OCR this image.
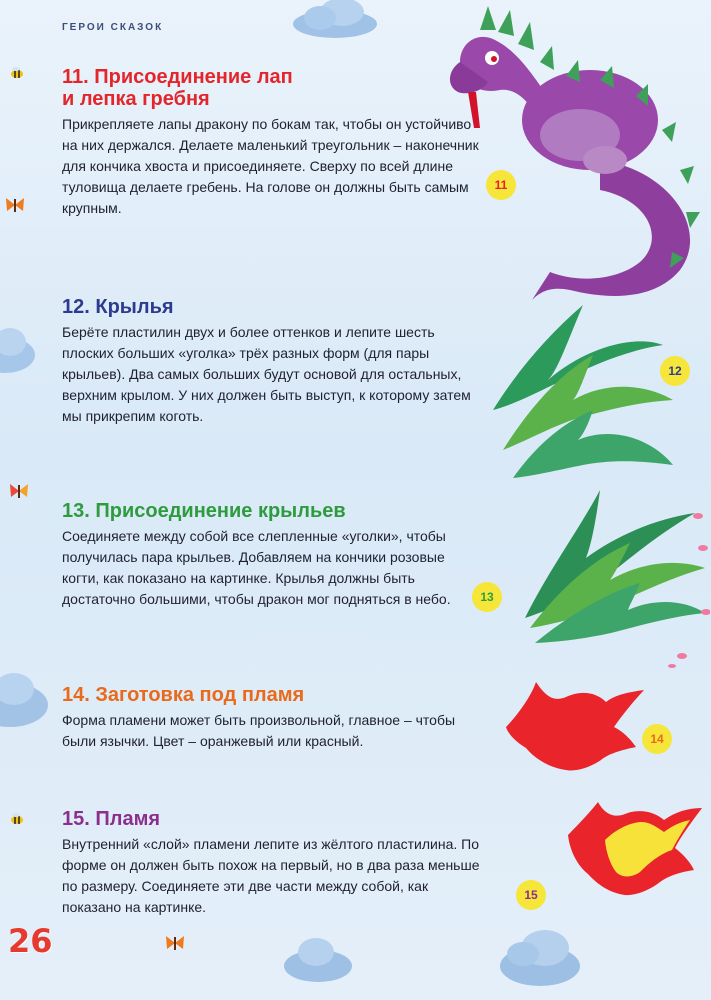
ГЕРОИ СКАЗОК
11. Присоединение лап
и лепка гребня

Прикрепляете лапы дракону по бокам так, чтобы он устойчиво на них держался. Делаете маленький треугольник – наконечник для кончика хвоста и присоединяете. Сверху по всей длине туловища делаете гребень. На голове он должны быть самым крупным.

12. Крылья

Берёте пластилин двух и более оттенков и лепите шесть плоских больших «уголка» трёх разных форм (для пары крыльев). Два самых больших будут основой для остальных, верхним крылом. У них должен быть выступ, к которому затем мы прикрепим коготь.

13. Присоединение крыльев

Соединяете между собой все слепленные «уголки», чтобы получилась пара крыльев. Добавляем на кончики розовые когти, как показано на картинке. Крылья должны быть достаточно большими, чтобы дракон мог подняться в небо.

14. Заготовка под пламя

Форма пламени может быть произвольной, главное – чтобы были язычки. Цвет – оранжевый или красный.

15. Пламя

Внутренний «слой» пламени лепите из жёлтого пластилина. По форме он должен быть похож на первый, но в два раза меньше по размеру. Соединяете эти две части между собой, как показано на картинке.

11
12
13
14
15
26
